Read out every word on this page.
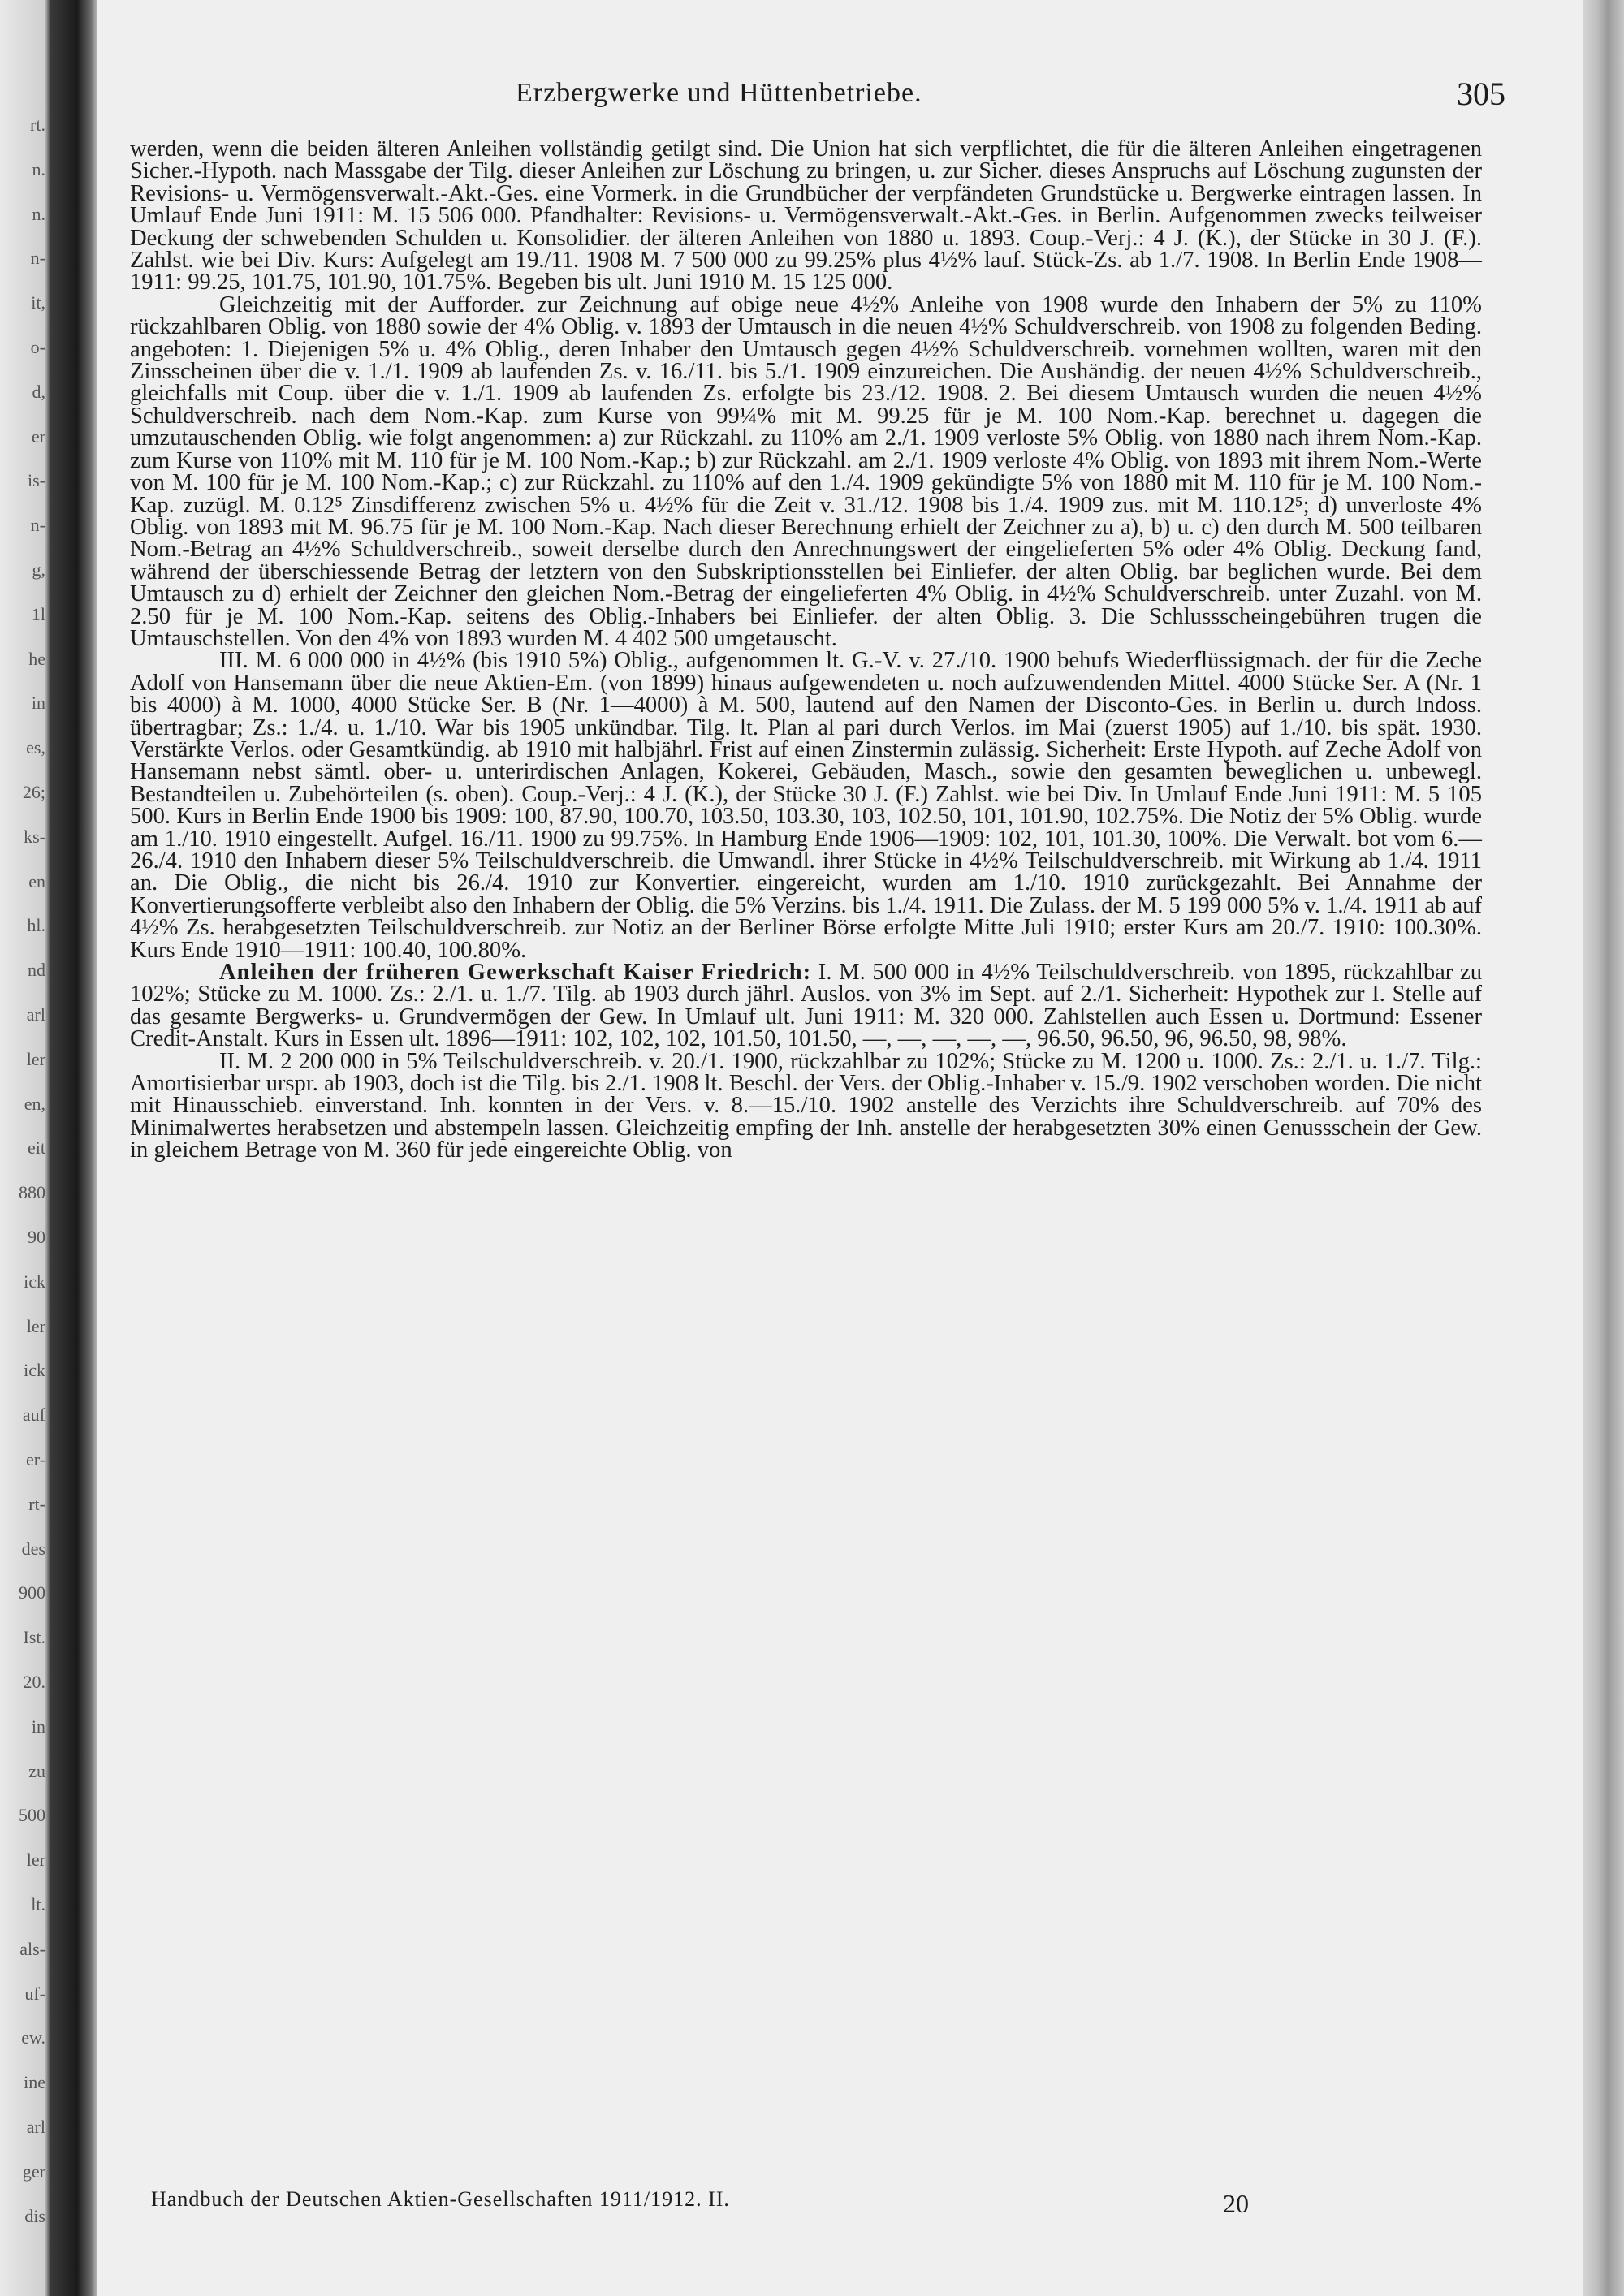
rt.
n.
n.
n-
it,
o-
d,
er
is-
n-
g,
1l
he
in
es,
26;
ks-
en
hl.
nd
arl
ler
en,
eit
880
90
ick
ler
ick
auf
er-
rt-
des
900
Ist.
20.
in
zu
500
ler
lt.
als-
uf-
ew.
ine
arl
ger
dis
Erzbergwerke und Hüttenbetriebe.	305

werden, wenn die beiden älteren Anleihen vollständig getilgt sind. Die Union hat sich verpflichtet, die für die älteren Anleihen eingetragenen Sicher.-Hypoth. nach Massgabe der Tilg. dieser Anleihen zur Löschung zu bringen, u. zur Sicher. dieses Anspruchs auf Löschung zugunsten der Revisions- u. Vermögensverwalt.-Akt.-Ges. eine Vormerk. in die Grundbücher der verpfändeten Grundstücke u. Bergwerke eintragen lassen. In Umlauf Ende Juni 1911: M. 15 506 000. Pfandhalter: Revisions- u. Vermögensverwalt.-Akt.-Ges. in Berlin. Aufgenommen zwecks teilweiser Deckung der schwebenden Schulden u. Konsolidier. der älteren Anleihen von 1880 u. 1893. Coup.-Verj.: 4 J. (K.), der Stücke in 30 J. (F.). Zahlst. wie bei Div. Kurs: Aufgelegt am 19./11. 1908 M. 7 500 000 zu 99.25% plus 4½% lauf. Stück-Zs. ab 1./7. 1908. In Berlin Ende 1908—1911: 99.25, 101.75, 101.90, 101.75%. Begeben bis ult. Juni 1910 M. 15 125 000.

Gleichzeitig mit der Aufforder. zur Zeichnung auf obige neue 4½% Anleihe von 1908 wurde den Inhabern der 5% zu 110% rückzahlbaren Oblig. von 1880 sowie der 4% Oblig. v. 1893 der Umtausch in die neuen 4½% Schuldverschreib. von 1908 zu folgenden Beding. angeboten: 1. Diejenigen 5% u. 4% Oblig., deren Inhaber den Umtausch gegen 4½% Schuldverschreib. vornehmen wollten, waren mit den Zinsscheinen über die v. 1./1. 1909 ab laufenden Zs. v. 16./11. bis 5./1. 1909 einzureichen. Die Aushändig. der neuen 4½% Schuldverschreib., gleichfalls mit Coup. über die v. 1./1. 1909 ab laufenden Zs. erfolgte bis 23./12. 1908. 2. Bei diesem Umtausch wurden die neuen 4½% Schuldverschreib. nach dem Nom.-Kap. zum Kurse von 99¼% mit M. 99.25 für je M. 100 Nom.-Kap. berechnet u. dagegen die umzutauschenden Oblig. wie folgt angenommen: a) zur Rückzahl. zu 110% am 2./1. 1909 verloste 5% Oblig. von 1880 nach ihrem Nom.-Kap. zum Kurse von 110% mit M. 110 für je M. 100 Nom.-Kap.; b) zur Rückzahl. am 2./1. 1909 verloste 4% Oblig. von 1893 mit ihrem Nom.-Werte von M. 100 für je M. 100 Nom.-Kap.; c) zur Rückzahl. zu 110% auf den 1./4. 1909 gekündigte 5% von 1880 mit M. 110 für je M. 100 Nom.-Kap. zuzügl. M. 0.12⁵ Zinsdifferenz zwischen 5% u. 4½% für die Zeit v. 31./12. 1908 bis 1./4. 1909 zus. mit M. 110.12⁵; d) unverloste 4% Oblig. von 1893 mit M. 96.75 für je M. 100 Nom.-Kap. Nach dieser Berechnung erhielt der Zeichner zu a), b) u. c) den durch M. 500 teilbaren Nom.-Betrag an 4½% Schuldverschreib., soweit derselbe durch den Anrechnungswert der eingelieferten 5% oder 4% Oblig. Deckung fand, während der überschiessende Betrag der letztern von den Subskriptionsstellen bei Einliefer. der alten Oblig. bar beglichen wurde. Bei dem Umtausch zu d) erhielt der Zeichner den gleichen Nom.-Betrag der eingelieferten 4% Oblig. in 4½% Schuldverschreib. unter Zuzahl. von M. 2.50 für je M. 100 Nom.-Kap. seitens des Oblig.-Inhabers bei Einliefer. der alten Oblig. 3. Die Schlussscheingebühren trugen die Umtauschstellen. Von den 4% von 1893 wurden M. 4 402 500 umgetauscht.

III. M. 6 000 000 in 4½% (bis 1910 5%) Oblig., aufgenommen lt. G.-V. v. 27./10. 1900 behufs Wiederflüssigmach. der für die Zeche Adolf von Hansemann über die neue Aktien-Em. (von 1899) hinaus aufgewendeten u. noch aufzuwendenden Mittel. 4000 Stücke Ser. A (Nr. 1 bis 4000) à M. 1000, 4000 Stücke Ser. B (Nr. 1—4000) à M. 500, lautend auf den Namen der Disconto-Ges. in Berlin u. durch Indoss. übertragbar; Zs.: 1./4. u. 1./10. War bis 1905 unkündbar. Tilg. lt. Plan al pari durch Verlos. im Mai (zuerst 1905) auf 1./10. bis spät. 1930. Verstärkte Verlos. oder Gesamtkündig. ab 1910 mit halbjährl. Frist auf einen Zinstermin zulässig. Sicherheit: Erste Hypoth. auf Zeche Adolf von Hansemann nebst sämtl. ober- u. unterirdischen Anlagen, Kokerei, Gebäuden, Masch., sowie den gesamten beweglichen u. unbewegl. Bestandteilen u. Zubehörteilen (s. oben). Coup.-Verj.: 4 J. (K.), der Stücke 30 J. (F.) Zahlst. wie bei Div. In Umlauf Ende Juni 1911: M. 5 105 500. Kurs in Berlin Ende 1900 bis 1909: 100, 87.90, 100.70, 103.50, 103.30, 103, 102.50, 101, 101.90, 102.75%. Die Notiz der 5% Oblig. wurde am 1./10. 1910 eingestellt. Aufgel. 16./11. 1900 zu 99.75%. In Hamburg Ende 1906—1909: 102, 101, 101.30, 100%. Die Verwalt. bot vom 6.—26./4. 1910 den Inhabern dieser 5% Teilschuldverschreib. die Umwandl. ihrer Stücke in 4½% Teilschuldverschreib. mit Wirkung ab 1./4. 1911 an. Die Oblig., die nicht bis 26./4. 1910 zur Konvertier. eingereicht, wurden am 1./10. 1910 zurückgezahlt. Bei Annahme der Konvertierungsofferte verbleibt also den Inhabern der Oblig. die 5% Verzins. bis 1./4. 1911. Die Zulass. der M. 5 199 000 5% v. 1./4. 1911 ab auf 4½% Zs. herabgesetzten Teilschuldverschreib. zur Notiz an der Berliner Börse erfolgte Mitte Juli 1910; erster Kurs am 20./7. 1910: 100.30%. Kurs Ende 1910—1911: 100.40, 100.80%.

Anleihen der früheren Gewerkschaft Kaiser Friedrich: I. M. 500 000 in 4½% Teilschuldverschreib. von 1895, rückzahlbar zu 102%; Stücke zu M. 1000. Zs.: 2./1. u. 1./7. Tilg. ab 1903 durch jährl. Auslos. von 3% im Sept. auf 2./1. Sicherheit: Hypothek zur I. Stelle auf das gesamte Bergwerks- u. Grundvermögen der Gew. In Umlauf ult. Juni 1911: M. 320 000. Zahlstellen auch Essen u. Dortmund: Essener Credit-Anstalt. Kurs in Essen ult. 1896—1911: 102, 102, 102, 101.50, 101.50, —, —, —, —, —, 96.50, 96.50, 96, 96.50, 98, 98%.

II. M. 2 200 000 in 5% Teilschuldverschreib. v. 20./1. 1900, rückzahlbar zu 102%; Stücke zu M. 1200 u. 1000. Zs.: 2./1. u. 1./7. Tilg.: Amortisierbar urspr. ab 1903, doch ist die Tilg. bis 2./1. 1908 lt. Beschl. der Vers. der Oblig.-Inhaber v. 15./9. 1902 verschoben worden. Die nicht mit Hinausschieb. einverstand. Inh. konnten in der Vers. v. 8.—15./10. 1902 anstelle des Verzichts ihre Schuldverschreib. auf 70% des Minimalwertes herabsetzen und abstempeln lassen. Gleichzeitig empfing der Inh. anstelle der herabgesetzten 30% einen Genussschein der Gew. in gleichem Betrage von M. 360 für jede eingereichte Oblig. von

Handbuch der Deutschen Aktien-Gesellschaften 1911/1912. II.	20
